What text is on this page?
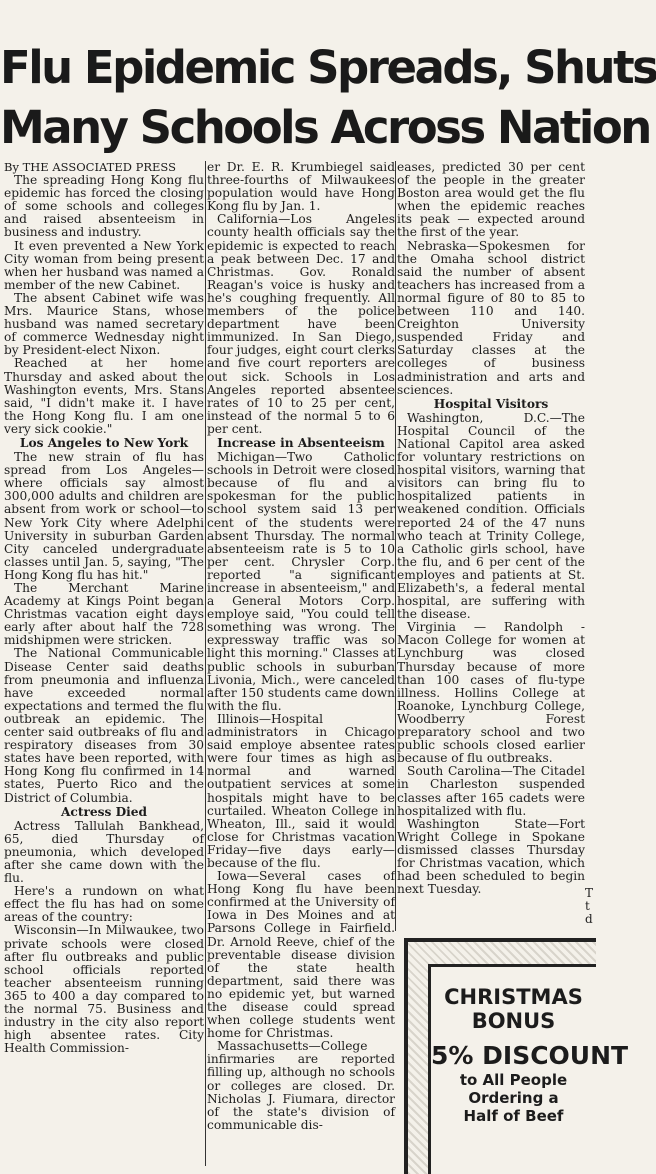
Flu Epidemic Spreads, Shuts
Many Schools Across Nation

By THE ASSOCIATED PRESS

The spreading Hong Kong flu epidemic has forced the closing of some schools and colleges and raised absenteeism in business and industry.

It even prevented a New York City woman from being present when her husband was named a member of the new Cabinet.

The absent Cabinet wife was Mrs. Maurice Stans, whose husband was named secretary of commerce Wednesday night by President-elect Nixon.

Reached at her home Thursday and asked about the Washington events, Mrs. Stans said, "I didn't make it. I have the Hong Kong flu. I am one very sick cookie."

Los Angeles to New York

The new strain of flu has spread from Los Angeles—where officials say almost 300,000 adults and children are absent from work or school—to New York City where Adelphi University in suburban Garden City canceled undergraduate classes until Jan. 5, saying, "The Hong Kong flu has hit."

The Merchant Marine Academy at Kings Point began Christmas vacation eight days early after about half the 728 midshipmen were stricken.

The National Communicable Disease Center said deaths from pneumonia and influenza have exceeded normal expectations and termed the flu outbreak an epidemic. The center said outbreaks of flu and respiratory diseases from 30 states have been reported, with Hong Kong flu confirmed in 14 states, Puerto Rico and the District of Columbia.

Actress Died

Actress Tallulah Bankhead, 65, died Thursday of pneumonia, which developed after she came down with the flu.

Here's a rundown on what effect the flu has had on some areas of the country:

Wisconsin—In Milwaukee, two private schools were closed after flu outbreaks and public school officials reported teacher absenteeism running 365 to 400 a day compared to the normal 75. Business and industry in the city also report high absentee rates. City Health Commission-

er Dr. E. R. Krumbiegel said three-fourths of Milwaukees population would have Hong Kong flu by Jan. 1.

California—Los Angeles county health officials say the epidemic is expected to reach a peak between Dec. 17 and Christmas. Gov. Ronald Reagan's voice is husky and he's coughing frequently. All members of the police department have been immunized. In San Diego, four judges, eight court clerks and five court reporters are out sick. Schools in Los Angeles reported absentee rates of 10 to 25 per cent, instead of the normal 5 to 6 per cent.

Increase in Absenteeism

Michigan—Two Catholic schools in Detroit were closed because of flu and a spokesman for the public school system said 13 per cent of the students were absent Thursday. The normal absenteeism rate is 5 to 10 per cent. Chrysler Corp. reported "a significant increase in absenteeism," and a General Motors Corp. employe said, "You could tell something was wrong. The expressway traffic was so light this morning." Classes at public schools in suburban Livonia, Mich., were canceled after 150 students came down with the flu.

Illinois—Hospital administrators in Chicago said employe absentee rates were four times as high as normal and warned outpatient services at some hospitals might have to be curtailed. Wheaton College in Wheaton, Ill., said it would close for Christmas vacation Friday—five days early—because of the flu.

Iowa—Several cases of Hong Kong flu have been confirmed at the University of Iowa in Des Moines and at Parsons College in Fairfield. Dr. Arnold Reeve, chief of the preventable disease division of the state health department, said there was no epidemic yet, but warned the disease could spread when college students went home for Christmas.

Massachusetts—College infirmaries are reported filling up, although no schools or colleges are closed. Dr. Nicholas J. Fiumara, director of the state's division of communicable dis-

eases, predicted 30 per cent of the people in the greater Boston area would get the flu when the epidemic reaches its peak — expected around the first of the year.

Nebraska—Spokesmen for the Omaha school district said the number of absent teachers has increased from a normal figure of 80 to 85 to between 110 and 140. Creighton University suspended Friday and Saturday classes at the colleges of business administration and arts and sciences.

Hospital Visitors

Washington, D.C.—The Hospital Council of the National Capitol area asked for voluntary restrictions on hospital visitors, warning that visitors can bring flu to hospitalized patients in weakened condition. Officials reported 24 of the 47 nuns who teach at Trinity College, a Catholic girls school, have the flu, and 6 per cent of the employes and patients at St. Elizabeth's, a federal mental hospital, are suffering with the disease.

Virginia — Randolph - Macon College for women at Lynchburg was closed Thursday because of more than 100 cases of flu-type illness. Hollins College at Roanoke, Lynchburg College, Woodberry Forest preparatory school and two public schools closed earlier because of flu outbreaks.

South Carolina—The Citadel in Charleston suspended classes after 165 cadets were hospitalized with flu.

Washington State—Fort Wright College in Spokane dismissed classes Thursday for Christmas vacation, which had been scheduled to begin next Tuesday.	T
t
d
CHRISTMAS
BONUS
5% DISCOUNT
to All People
Ordering a
Half of Beef
